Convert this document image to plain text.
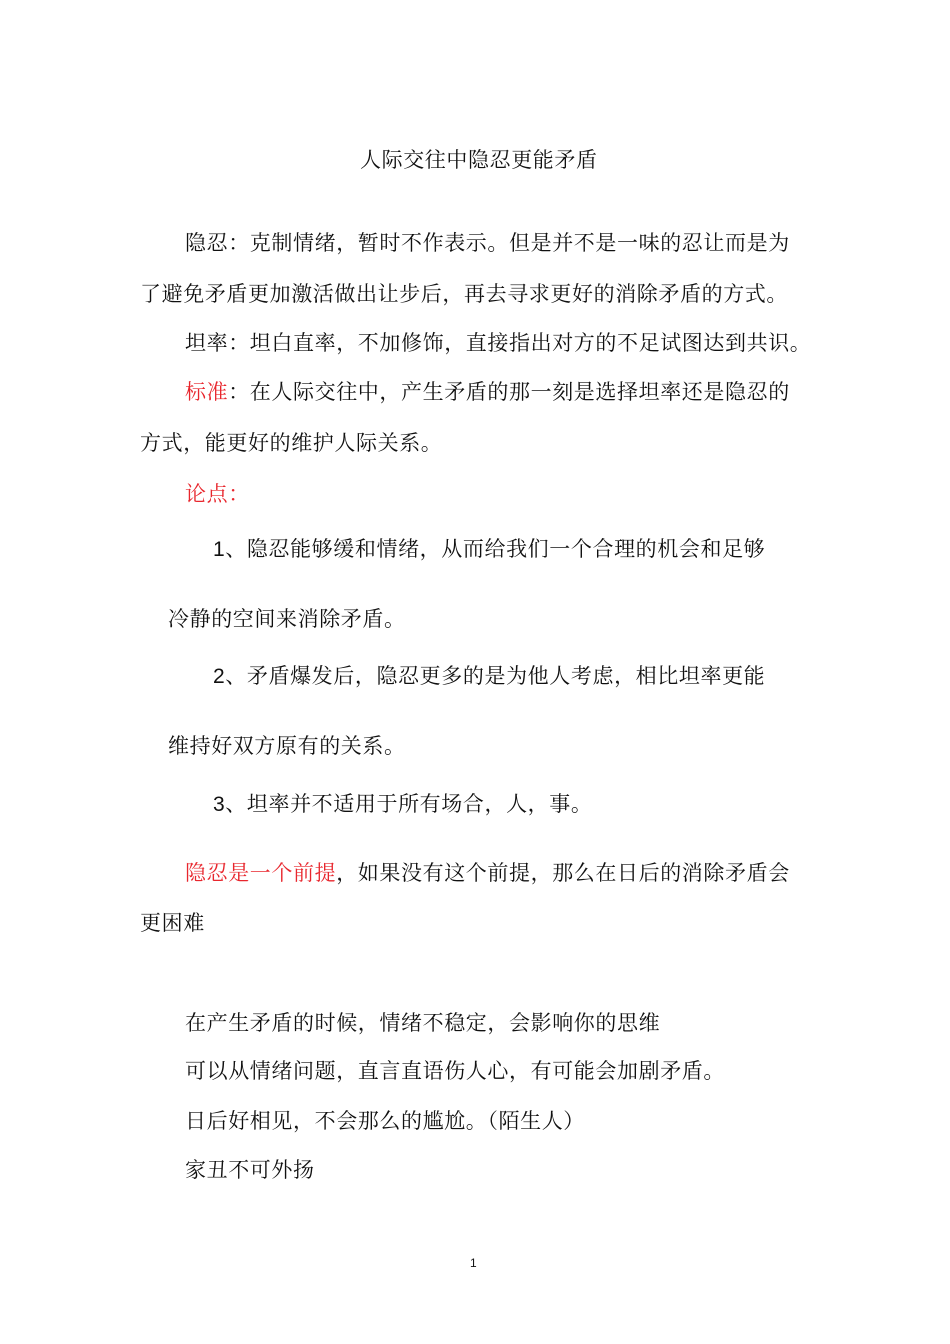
人际交往中隐忍更能矛盾
隐忍：克制情绪，暂时不作表示。但是并不是一味的忍让而是为
了避免矛盾更加激活做出让步后，再去寻求更好的消除矛盾的方式。
坦率：坦白直率，不加修饰，直接指出对方的不足试图达到共识。
标准：在人际交往中，产生矛盾的那一刻是选择坦率还是隐忍的
方式，能更好的维护人际关系。
论点：
1、隐忍能够缓和情绪，从而给我们一个合理的机会和足够
冷静的空间来消除矛盾。
2、矛盾爆发后，隐忍更多的是为他人考虑，相比坦率更能
维持好双方原有的关系。
3、坦率并不适用于所有场合，人，事。
隐忍是一个前提，如果没有这个前提，那么在日后的消除矛盾会
更困难
在产生矛盾的时候，情绪不稳定，会影响你的思维
可以从情绪问题，直言直语伤人心，有可能会加剧矛盾。
日后好相见，不会那么的尴尬。（陌生人）
家丑不可外扬
1
